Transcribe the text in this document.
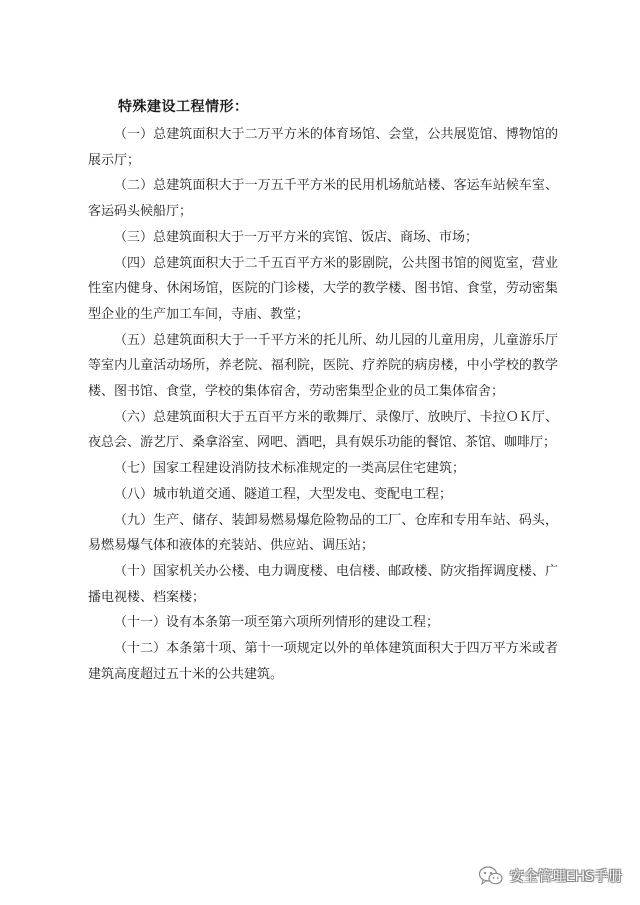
特殊建设工程情形：

（一）总建筑面积大于二万平方米的体育场馆、会堂，公共展览馆、博物馆的展示厅；

（二）总建筑面积大于一万五千平方米的民用机场航站楼、客运车站候车室、客运码头候船厅；

（三）总建筑面积大于一万平方米的宾馆、饭店、商场、市场；

（四）总建筑面积大于二千五百平方米的影剧院，公共图书馆的阅览室，营业性室内健身、休闲场馆，医院的门诊楼，大学的教学楼、图书馆、食堂，劳动密集型企业的生产加工车间，寺庙、教堂；

（五）总建筑面积大于一千平方米的托儿所、幼儿园的儿童用房，儿童游乐厅等室内儿童活动场所，养老院、福利院，医院、疗养院的病房楼，中小学校的教学楼、图书馆、食堂，学校的集体宿舍，劳动密集型企业的员工集体宿舍；

（六）总建筑面积大于五百平方米的歌舞厅、录像厅、放映厅、卡拉ＯＫ厅、夜总会、游艺厅、桑拿浴室、网吧、酒吧，具有娱乐功能的餐馆、茶馆、咖啡厅；

（七）国家工程建设消防技术标准规定的一类高层住宅建筑；

（八）城市轨道交通、隧道工程，大型发电、变配电工程；

（九）生产、储存、装卸易燃易爆危险物品的工厂、仓库和专用车站、码头，易燃易爆气体和液体的充装站、供应站、调压站；

（十）国家机关办公楼、电力调度楼、电信楼、邮政楼、防灾指挥调度楼、广播电视楼、档案楼；

（十一）设有本条第一项至第六项所列情形的建设工程；

（十二）本条第十项、第十一项规定以外的单体建筑面积大于四万平方米或者建筑高度超过五十米的公共建筑。

安全管理EHS手册
